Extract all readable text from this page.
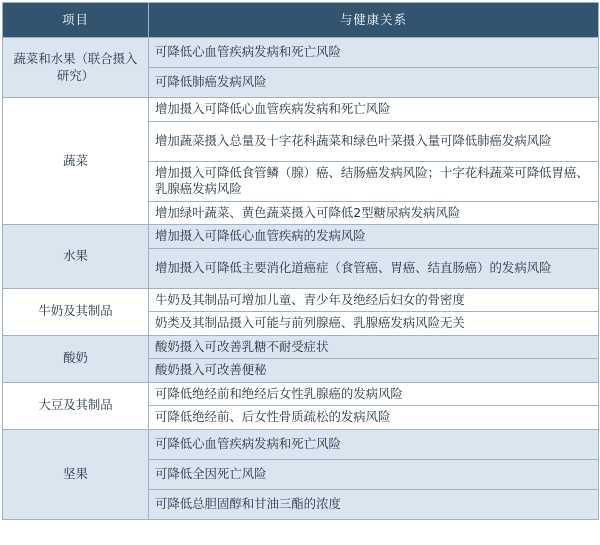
项目	与健康关系
蔬菜和水果（联合摄入研究）	可降低心血管疾病发病和死亡风险
	可降低肺癌发病风险
蔬菜	增加摄入可降低心血管疾病发病和死亡风险
	增加蔬菜摄入总量及十字花科蔬菜和绿色叶菜摄入量可降低肺癌发病风险
	增加摄入可降低食管鳞（腺）癌、结肠癌发病风险；十字花科蔬菜可降低胃癌、乳腺癌发病风险
	增加绿叶蔬菜、黄色蔬菜摄入可降低2型糖尿病发病风险
水果	增加摄入可降低心血管疾病的发病风险
	增加摄入可降低主要消化道癌症（食管癌、胃癌、结直肠癌）的发病风险
牛奶及其制品	牛奶及其制品可增加儿童、青少年及绝经后妇女的骨密度
	奶类及其制品摄入可能与前列腺癌、乳腺癌发病风险无关
酸奶	酸奶摄入可改善乳糖不耐受症状
	酸奶摄入可改善便秘
大豆及其制品	可降低绝经前和绝经后女性乳腺癌的发病风险
	可降低绝经前、后女性骨质疏松的发病风险
坚果	可降低心血管疾病发病和死亡风险
	可降低全因死亡风险
	可降低总胆固醇和甘油三酯的浓度
